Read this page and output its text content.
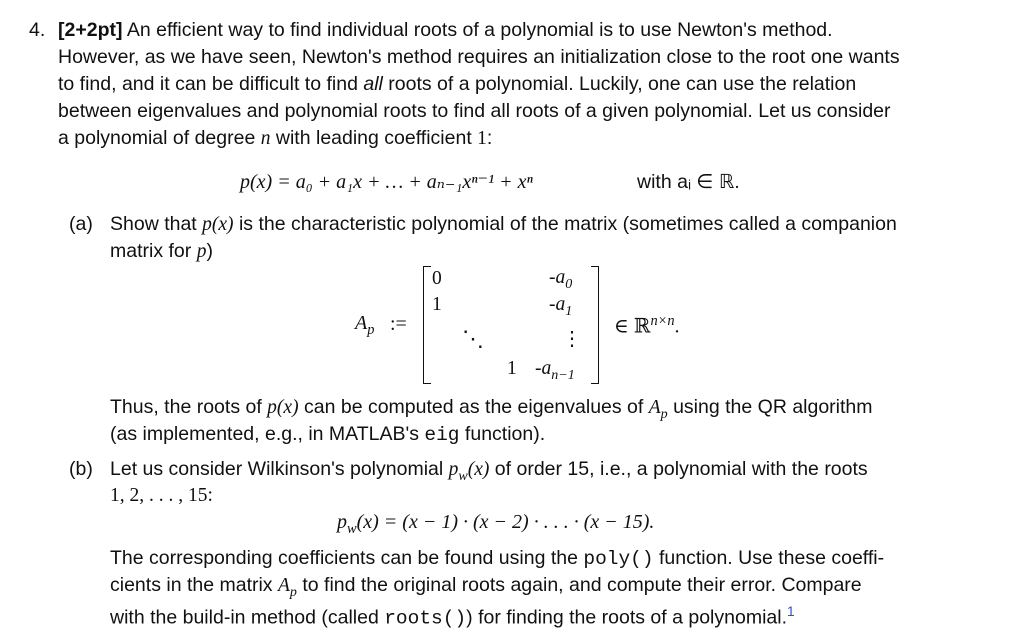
4. [2+2pt] An efficient way to find individual roots of a polynomial is to use Newton's method.
However, as we have seen, Newton's method requires an initialization close to the root one wants
to find, and it can be difficult to find all roots of a polynomial. Luckily, one can use the relation
between eigenvalues and polynomial roots to find all roots of a given polynomial. Let us consider
a polynomial of degree n with leading coefficient 1:
p(x) = a₀ + a₁x + … + aₙ₋₁xⁿ⁻¹ + xⁿ	with aᵢ ∈ ℝ.
(a) Show that p(x) is the characteristic polynomial of the matrix (sometimes called a companion
matrix for p)
$A_p$ :=
0
1
⋱
1
$-a_0$
$-a_1$
⋮
$-a_{n-1}$
∈ ℝ$^{n\times n}$.
Thus, the roots of p(x) can be computed as the eigenvalues of $A_p$ using the QR algorithm
(as implemented, e.g., in MATLAB's eig function).
(b) Let us consider Wilkinson's polynomial $p_w(x)$ of order 15, i.e., a polynomial with the roots
1, 2, . . . , 15:
$p_w(x) = (x - 1) \cdot (x - 2)$ · . . . · (x − 15).
The corresponding coefficients can be found using the poly() function. Use these coeffi-
cients in the matrix $A_p$ to find the original roots again, and compute their error. Compare
with the build-in method (called roots()) for finding the roots of a polynomial.$^1$
